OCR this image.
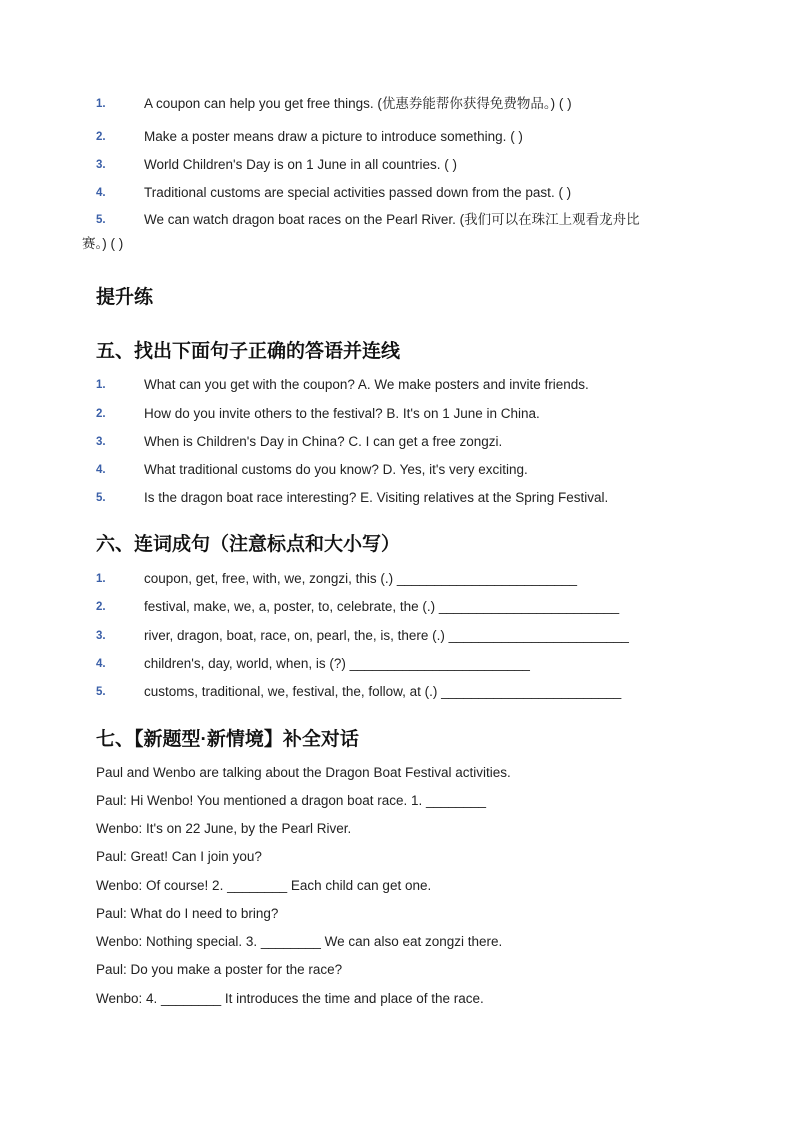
1.	A coupon can help you get free things. (优惠券能帮你获得免费物品。) ( )
2.	Make a poster means draw a picture to introduce something. ( )
3.	World Children's Day is on 1 June in all countries. ( )
4.	Traditional customs are special activities passed down from the past. ( )
5.	We can watch dragon boat races on the Pearl River. (我们可以在珠江上观看龙舟比
赛。) ( )
提升练
五、找出下面句子正确的答语并连线
1.	What can you get with the coupon? A. We make posters and invite friends.
2.	How do you invite others to the festival? B. It's on 1 June in China.
3.	When is Children's Day in China? C. I can get a free zongzi.
4.	What traditional customs do you know? D. Yes, it's very exciting.
5.	Is the dragon boat race interesting? E. Visiting relatives at the Spring Festival.
六、连词成句（注意标点和大小写）
1.	coupon, get, free, with, we, zongzi, this (.) ________________________
2.	festival, make, we, a, poster, to, celebrate, the (.) ________________________
3.	river, dragon, boat, race, on, pearl, the, is, there (.) ________________________
4.	children's, day, world, when, is (?) ________________________
5.	customs, traditional, we, festival, the, follow, at (.) ________________________
七、【新题型·新情境】补全对话
Paul and Wenbo are talking about the Dragon Boat Festival activities.
Paul: Hi Wenbo! You mentioned a dragon boat race. 1. ________
Wenbo: It's on 22 June, by the Pearl River.
Paul: Great! Can I join you?
Wenbo: Of course! 2. ________ Each child can get one.
Paul: What do I need to bring?
Wenbo: Nothing special. 3. ________ We can also eat zongzi there.
Paul: Do you make a poster for the race?
Wenbo: 4. ________ It introduces the time and place of the race.
